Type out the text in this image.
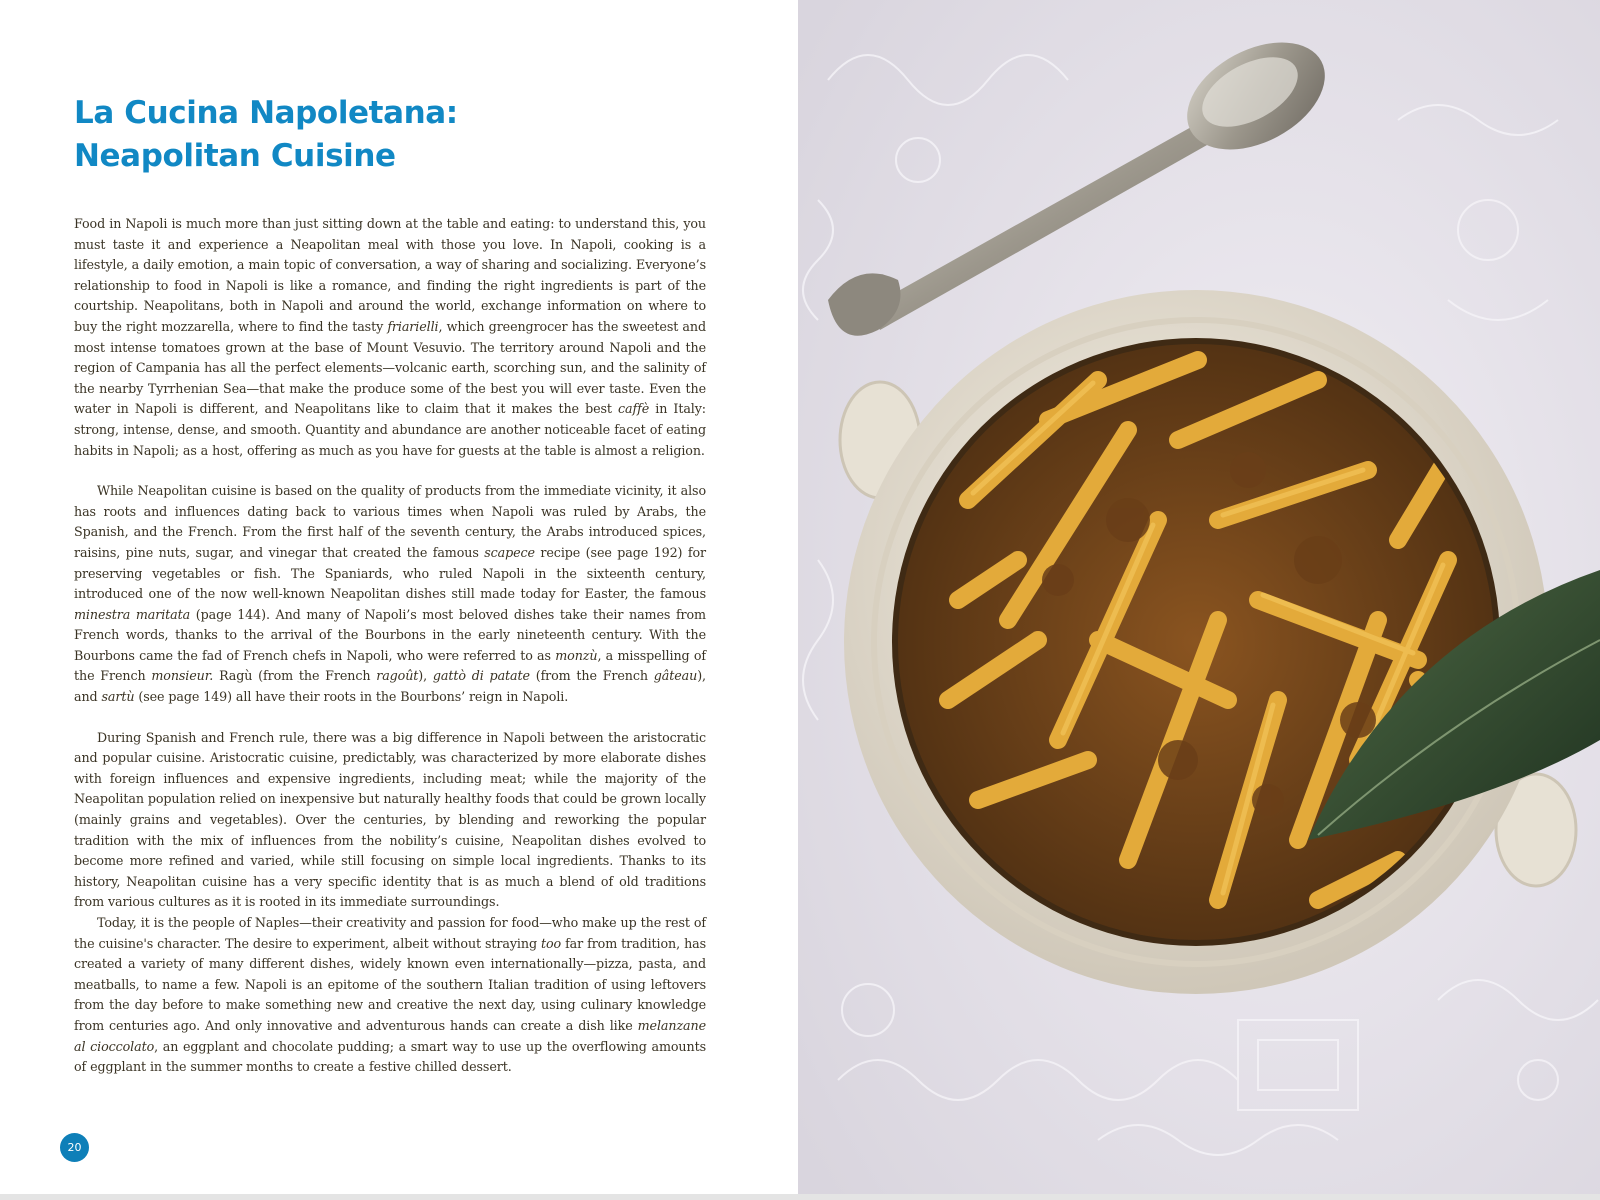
La Cucina Napoletana:
Neapolitan Cuisine

Food in Napoli is much more than just sitting down at the table and eating: to understand this, you must taste it and experience a Neapolitan meal with those you love. In Napoli, cooking is a lifestyle, a daily emotion, a main topic of conversation, a way of sharing and socializing. Everyone’s relationship to food in Napoli is like a romance, and finding the right ingredients is part of the courtship. Neapolitans, both in Napoli and around the world, exchange information on where to buy the right mozzarella, where to find the tasty friarielli, which greengrocer has the sweetest and most intense tomatoes grown at the base of Mount Vesuvio. The territory around Napoli and the region of Campania has all the perfect elements—volcanic earth, scorching sun, and the salinity of the nearby Tyrrhenian Sea—that make the produce some of the best you will ever taste. Even the water in Napoli is different, and Neapolitans like to claim that it makes the best caffè in Italy: strong, intense, dense, and smooth. Quantity and abundance are another noticeable facet of eating habits in Napoli; as a host, offering as much as you have for guests at the table is almost a religion.

While Neapolitan cuisine is based on the quality of products from the immediate vicinity, it also has roots and influences dating back to various times when Napoli was ruled by Arabs, the Spanish, and the French. From the first half of the seventh century, the Arabs introduced spices, raisins, pine nuts, sugar, and vinegar that created the famous scapece recipe (see page 192) for preserving vegetables or fish. The Spaniards, who ruled Napoli in the sixteenth century, introduced one of the now well-known Neapolitan dishes still made today for Easter, the famous minestra maritata (page 144). And many of Napoli’s most beloved dishes take their names from French words, thanks to the arrival of the Bourbons in the early nineteenth century. With the Bourbons came the fad of French chefs in Napoli, who were referred to as monzù, a misspelling of the French monsieur. Ragù (from the French ragoût), gattò di patate (from the French gâteau), and sartù (see page 149) all have their roots in the Bourbons’ reign in Napoli.

During Spanish and French rule, there was a big difference in Napoli between the aristocratic and popular cuisine. Aristocratic cuisine, predictably, was characterized by more elaborate dishes with foreign influences and expensive ingredients, including meat; while the majority of the Neapolitan population relied on inexpensive but naturally healthy foods that could be grown locally (mainly grains and vegetables). Over the centuries, by blending and reworking the popular tradition with the mix of influences from the nobility’s cuisine, Neapolitan dishes evolved to become more refined and varied, while still focusing on simple local ingredients. Thanks to its history, Neapolitan cuisine has a very specific identity that is as much a blend of old traditions from various cultures as it is rooted in its immediate surroundings.

Today, it is the people of Naples—their creativity and passion for food—who make up the rest of the cuisine's character. The desire to experiment, albeit without straying too far from tradition, has created a variety of many different dishes, widely known even internationally—pizza, pasta, and meatballs, to name a few. Napoli is an epitome of the southern Italian tradition of using leftovers from the day before to make something new and creative the next day, using culinary knowledge from centuries ago. And only innovative and adventurous hands can create a dish like melanzane al cioccolato, an eggplant and chocolate pudding; a smart way to use up the overflowing amounts of eggplant in the summer months to create a festive chilled dessert.

20
